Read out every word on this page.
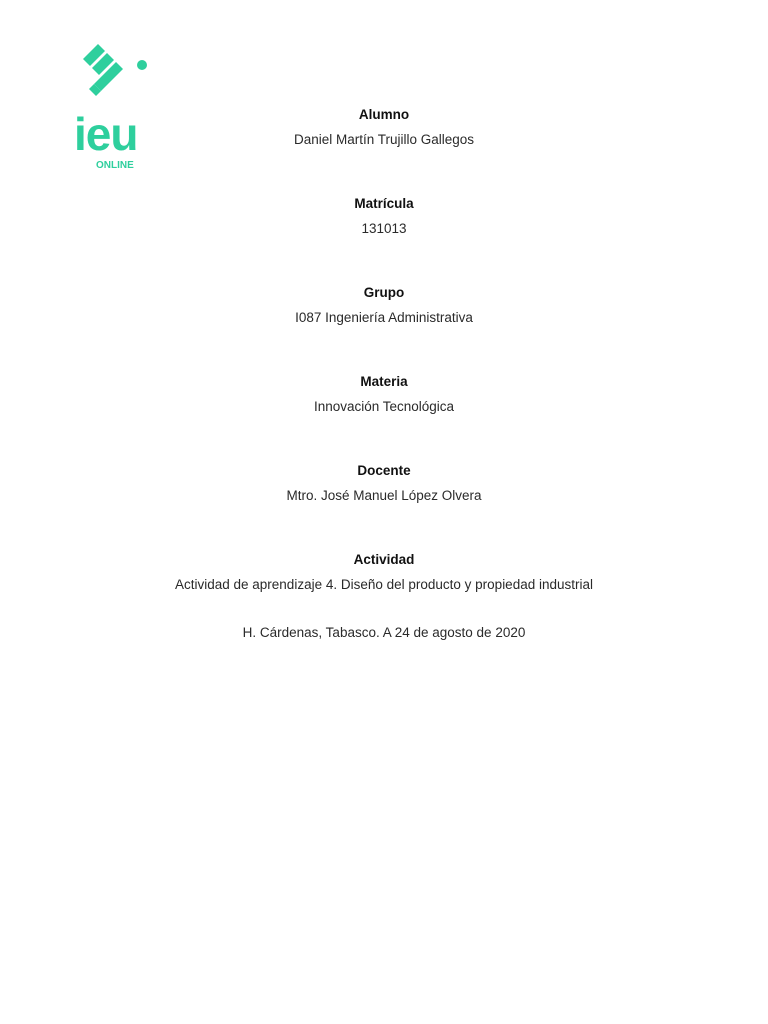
ieu
ONLINE
Alumno
Daniel Martín Trujillo Gallegos
Matrícula
131013
Grupo
I087 Ingeniería Administrativa
Materia
Innovación Tecnológica
Docente
Mtro. José Manuel López Olvera
Actividad
Actividad de aprendizaje 4. Diseño del producto y propiedad industrial
H. Cárdenas, Tabasco. A 24 de agosto de 2020
